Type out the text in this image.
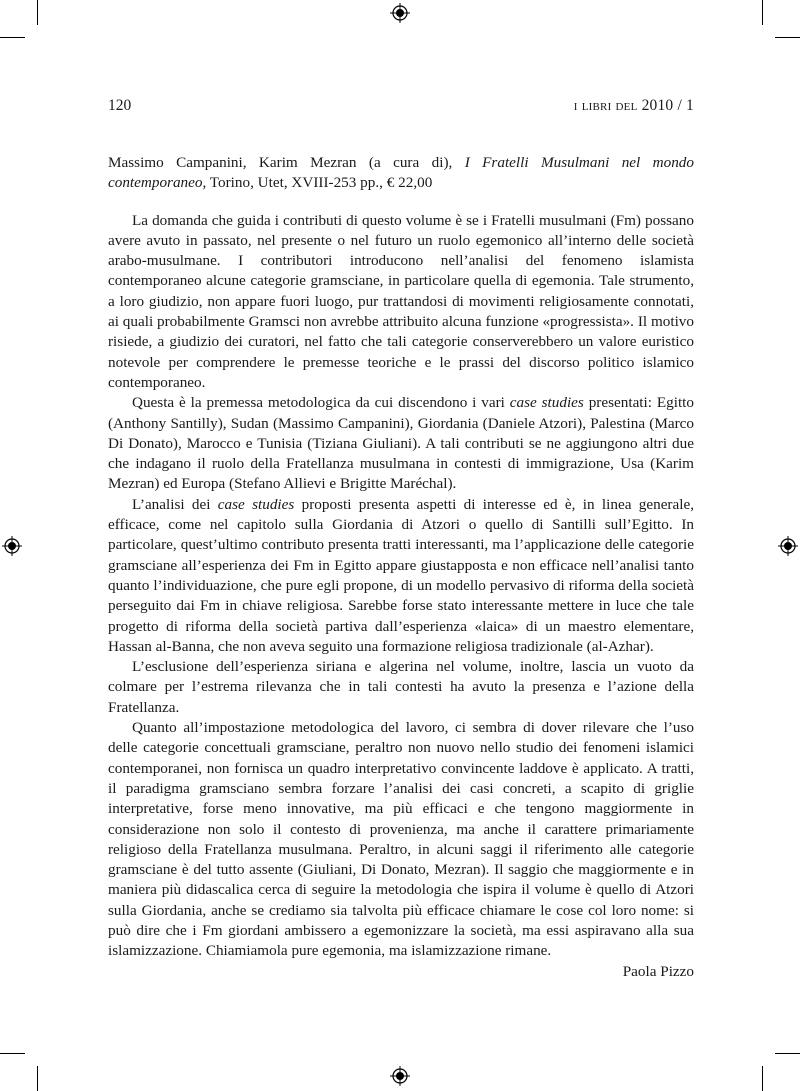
120	i libri del 2010 / 1

Massimo Campanini, Karim Mezran (a cura di), I Fratelli Musulmani nel mondo contemporaneo, Torino, Utet, XVIII-253 pp., € 22,00

La domanda che guida i contributi di questo volume è se i Fratelli musulmani (Fm) possano avere avuto in passato, nel presente o nel futuro un ruolo egemonico all’interno delle società arabo-musulmane. I contributori introducono nell’analisi del fenomeno islamista contemporaneo alcune categorie gramsciane, in particolare quella di egemonia. Tale strumento, a loro giudizio, non appare fuori luogo, pur trattandosi di movimenti religiosamente connotati, ai quali probabilmente Gramsci non avrebbe attribuito alcuna funzione «progressista». Il motivo risiede, a giudizio dei curatori, nel fatto che tali categorie conserverebbero un valore euristico notevole per comprendere le premesse teoriche e le prassi del discorso politico islamico contemporaneo.

Questa è la premessa metodologica da cui discendono i vari case studies presentati: Egitto (Anthony Santilly), Sudan (Massimo Campanini), Giordania (Daniele Atzori), Palestina (Marco Di Donato), Marocco e Tunisia (Tiziana Giuliani). A tali contributi se ne aggiungono altri due che indagano il ruolo della Fratellanza musulmana in contesti di immigrazione, Usa (Karim Mezran) ed Europa (Stefano Allievi e Brigitte Maréchal).

L’analisi dei case studies proposti presenta aspetti di interesse ed è, in linea generale, efficace, come nel capitolo sulla Giordania di Atzori o quello di Santilli sull’Egitto. In particolare, quest’ultimo contributo presenta tratti interessanti, ma l’applicazione delle categorie gramsciane all’esperienza dei Fm in Egitto appare giustapposta e non efficace nell’analisi tanto quanto l’individuazione, che pure egli propone, di un modello pervasivo di riforma della società perseguito dai Fm in chiave religiosa. Sarebbe forse stato interessante mettere in luce che tale progetto di riforma della società partiva dall’esperienza «laica» di un maestro elementare, Hassan al-Banna, che non aveva seguito una formazione religiosa tradizionale (al-Azhar).

L’esclusione dell’esperienza siriana e algerina nel volume, inoltre, lascia un vuoto da colmare per l’estrema rilevanza che in tali contesti ha avuto la presenza e l’azione della Fratellanza.

Quanto all’impostazione metodologica del lavoro, ci sembra di dover rilevare che l’uso delle categorie concettuali gramsciane, peraltro non nuovo nello studio dei fenomeni islamici contemporanei, non fornisca un quadro interpretativo convincente laddove è applicato. A tratti, il paradigma gramsciano sembra forzare l’analisi dei casi concreti, a scapito di griglie interpretative, forse meno innovative, ma più efficaci e che tengono maggiormente in considerazione non solo il contesto di provenienza, ma anche il carattere primariamente religioso della Fratellanza musulmana. Peraltro, in alcuni saggi il riferimento alle categorie gramsciane è del tutto assente (Giuliani, Di Donato, Mezran). Il saggio che maggiormente e in maniera più didascalica cerca di seguire la metodologia che ispira il volume è quello di Atzori sulla Giordania, anche se crediamo sia talvolta più efficace chiamare le cose col loro nome: si può dire che i Fm giordani ambissero a egemonizzare la società, ma essi aspiravano alla sua islamizzazione. Chiamiamola pure egemonia, ma islamizzazione rimane.

Paola Pizzo
